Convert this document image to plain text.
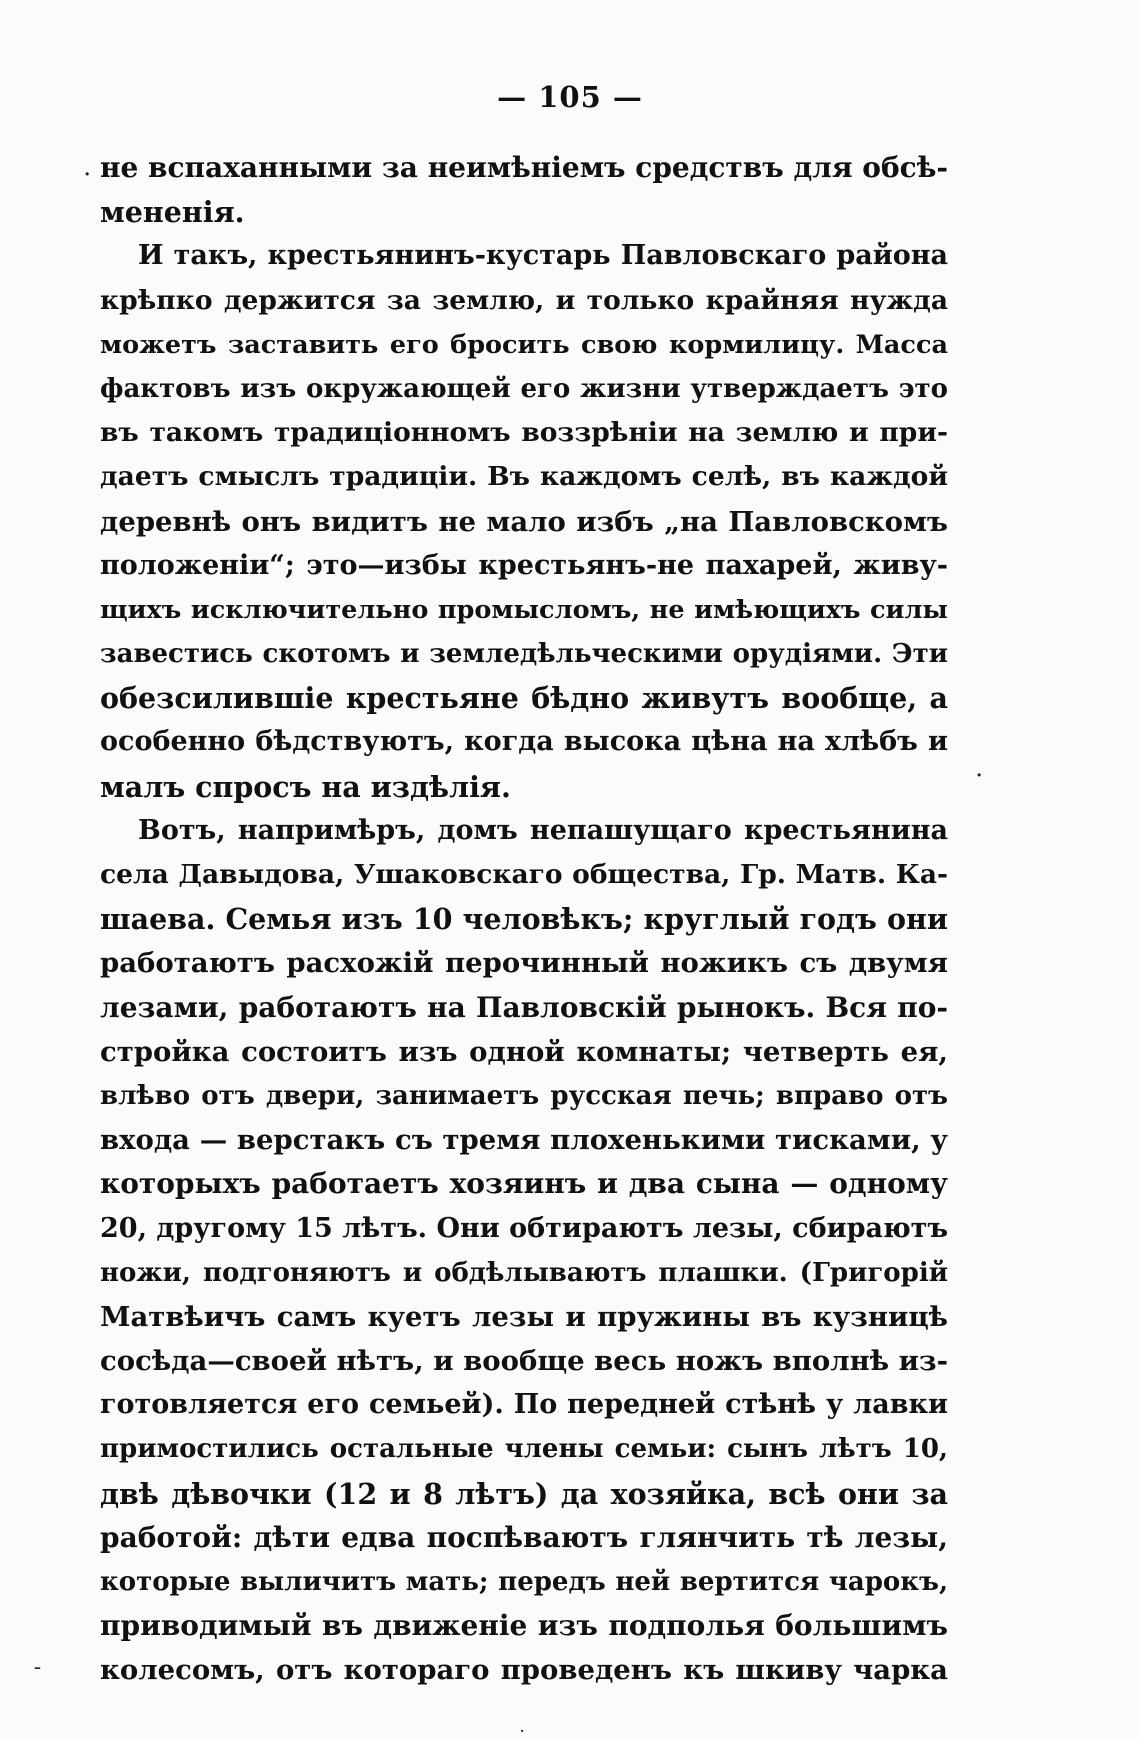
— 105 —
·
·
–
·
не вспаханными за неимѣніемъ средствъ для обсѣ-
мененія.
И такъ, крестьянинъ-кустарь Павловскаго района
крѣпко держится за землю, и только крайняя нужда
можетъ заставить его бросить свою кормилицу. Масса
фактовъ изъ окружающей его жизни утверждаетъ это
въ такомъ традиціонномъ воззрѣніи на землю и при-
даетъ смыслъ традиціи. Въ каждомъ селѣ, въ каждой
деревнѣ онъ видитъ не мало избъ „на Павловскомъ
положеніи“; это—избы крестьянъ-не пахарей, живу-
щихъ исключительно промысломъ, не имѣющихъ силы
завестись скотомъ и земледѣльческими орудіями. Эти
обезсилившіе крестьяне бѣдно живутъ вообще, а
особенно бѣдствуютъ, когда высока цѣна на хлѣбъ и
малъ спросъ на издѣлія.
Вотъ, напримѣръ, домъ непашущаго крестьянина
села Давыдова, Ушаковскаго общества, Гр. Матв. Ка-
шаева. Семья изъ 10 человѣкъ; круглый годъ они
работаютъ расхожій перочинный ножикъ съ двумя
лезами, работаютъ на Павловскій рынокъ. Вся по-
стройка состоитъ изъ одной комнаты; четверть ея,
влѣво отъ двери, занимаетъ русская печь; вправо отъ
входа — верстакъ съ тремя плохенькими тисками, у
которыхъ работаетъ хозяинъ и два сына — одному
20, другому 15 лѣтъ. Они обтираютъ лезы, сбираютъ
ножи, подгоняютъ и обдѣлываютъ плашки. (Григорій
Матвѣичъ самъ куетъ лезы и пружины въ кузницѣ
сосѣда—своей нѣтъ, и вообще весь ножъ вполнѣ из-
готовляется его семьей). По передней стѣнѣ у лавки
примостились остальные члены семьи: сынъ лѣтъ 10,
двѣ дѣвочки (12 и 8 лѣтъ) да хозяйка, всѣ они за
работой: дѣти едва поспѣваютъ глянчить тѣ лезы,
которые выличитъ мать; передъ ней вертится чарокъ,
приводимый въ движеніе изъ подполья большимъ
колесомъ, отъ котораго проведенъ къ шкиву чарка
